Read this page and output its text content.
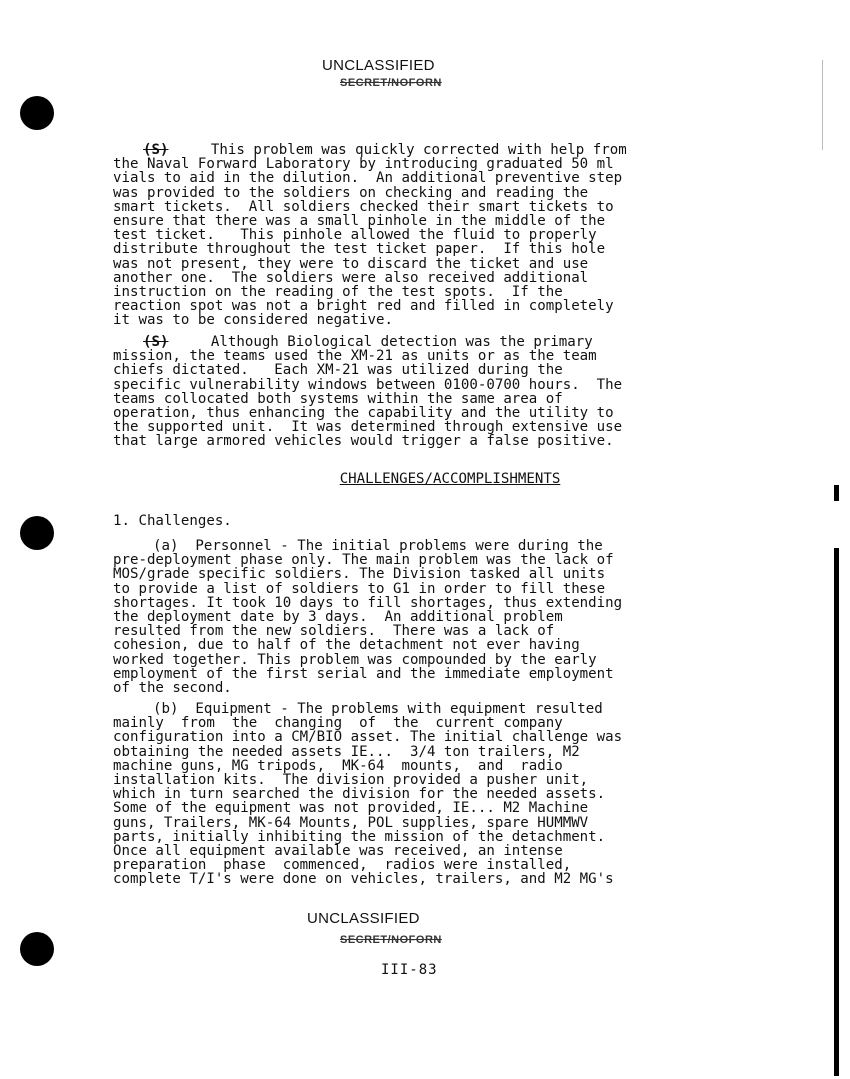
UNCLASSIFIED
SECRET/NOFORN
(S)	This problem was quickly corrected with help from
the Naval Forward Laboratory by introducing graduated 50 ml
vials to aid in the dilution.  An additional preventive step
was provided to the soldiers on checking and reading the
smart tickets.  All soldiers checked their smart tickets to
ensure that there was a small pinhole in the middle of the
test ticket.   This pinhole allowed the fluid to properly
distribute throughout the test ticket paper.  If this hole
was not present, they were to discard the ticket and use
another one.  The soldiers were also received additional
instruction on the reading of the test spots.  If the
reaction spot was not a bright red and filled in completely
it was to be considered negative.
(S)	Although Biological detection was the primary
mission, the teams used the XM-21 as units or as the team
chiefs dictated.   Each XM-21 was utilized during the
specific vulnerability windows between 0100-0700 hours.  The
teams collocated both systems within the same area of
operation, thus enhancing the capability and the utility to
the supported unit.  It was determined through extensive use
that large armored vehicles would trigger a false positive.
CHALLENGES/ACCOMPLISHMENTS
1. Challenges.
(a)  Personnel - The initial problems were during the
pre-deployment phase only. The main problem was the lack of
MOS/grade specific soldiers. The Division tasked all units
to provide a list of soldiers to G1 in order to fill these
shortages. It took 10 days to fill shortages, thus extending
the deployment date by 3 days.  An additional problem
resulted from the new soldiers.  There was a lack of
cohesion, due to half of the detachment not ever having
worked together. This problem was compounded by the early
employment of the first serial and the immediate employment
of the second.
(b)  Equipment - The problems with equipment resulted
mainly  from  the  changing  of  the  current company
configuration into a CM/BIO asset. The initial challenge was
obtaining the needed assets IE...  3/4 ton trailers, M2
machine guns, MG tripods,  MK-64  mounts,  and  radio
installation kits.  The division provided a pusher unit,
which in turn searched the division for the needed assets.
Some of the equipment was not provided, IE... M2 Machine
guns, Trailers, MK-64 Mounts, POL supplies, spare HUMMWV
parts, initially inhibiting the mission of the detachment.
Once all equipment available was received, an intense
preparation  phase  commenced,  radios were installed,
complete T/I's were done on vehicles, trailers, and M2 MG's
UNCLASSIFIED
SECRET/NOFORN
III-83
